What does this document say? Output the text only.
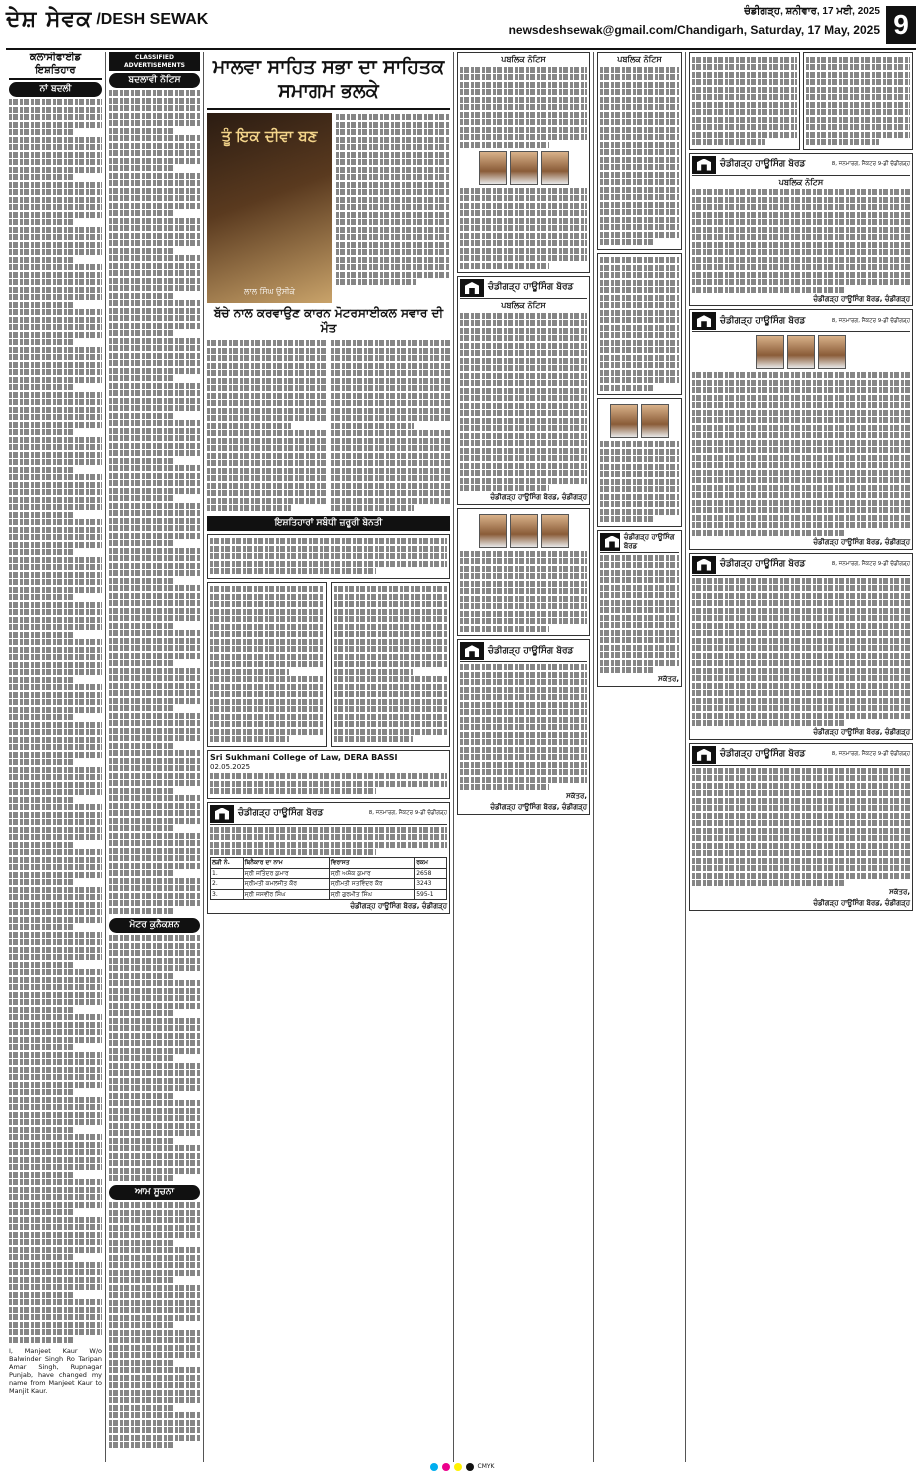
ਦੇਸ਼ ਸੇਵਕ /DESH SEWAK	ਚੰਡੀਗੜ੍ਹ, ਸ਼ਨੀਵਾਰ, 17 ਮਈ, 2025
newsdeshsewak@gmail.com/Chandigarh, Saturday, 17 May, 2025 9
ਕਲਾਸੀਫਾਈਡ ਇਸ਼ਤਿਹਾਰ
ਨਾਂ ਬਦਲੀ

I, Manjeet Kaur W/o Balwinder Singh Ro Taripan Amar Singh, Rupnagar Punjab, have changed my name from Manjeet Kaur to Manjit Kaur.

CLASSIFIED ADVERTISEMENTS
ਬਦਲਾਵੀ ਨੋਟਿਸ
ਮੋਟਰ ਕੁਨੈਕਸ਼ਨ
ਆਮ ਸੂਚਨਾ
ਮਾਲਵਾ ਸਾਹਿਤ ਸਭਾ ਦਾ ਸਾਹਿਤਕ ਸਮਾਗਮ ਭਲਕੇ
ਤੂੰ ਇਕ ਦੀਵਾ ਬਣ
ਲਾਲ ਸਿੰਘ ਉਸੀਕੇ
ਬੱਚੇ ਨਾਲ ਕਰਵਾਉਣ ਕਾਰਨ ਮੋਟਰਸਾਈਕਲ ਸਵਾਰ ਦੀ ਮੌਤ
ਇਸ਼ਤਿਹਾਰਾਂ ਸਬੰਧੀ ਜ਼ਰੂਰੀ ਬੇਨਤੀ
Sri Sukhmani College of Law, DERA BASSI
02.05.2025
ਚੰਡੀਗੜ੍ਹ ਹਾਊਸਿੰਗ ਬੋਰਡ	8, ਜਨਮਾਰਗ, ਸੈਕਟਰ 9-ਡੀ ਚੰਡੀਗੜ੍ਹ
ਲੜੀ ਨੰ.	ਬਿਨੈਕਾਰ ਦਾ ਨਾਮ	ਵਿਰਾਸਤ	ਰਕਮ
1.	ਸ੍ਰੀ ਜਤਿੰਦਰ ਕੁਮਾਰ	ਸ੍ਰੀ ਅਸ਼ੋਕ ਕੁਮਾਰ	2658
2.	ਸ੍ਰੀਮਤੀ ਕਮਲਜੀਤ ਕੌਰ	ਸ੍ਰੀਮਤੀ ਸਤਵਿੰਦਰ ਕੌਰ	3243
3.	ਸ੍ਰੀ ਜਸਵੀਰ ਸਿੰਘ	ਸ੍ਰੀ ਗੁਰਮੀਤ ਸਿੰਘ	595-1
ਚੰਡੀਗੜ੍ਹ ਹਾਊਸਿੰਗ ਬੋਰਡ, ਚੰਡੀਗੜ੍ਹ
ਪਬਲਿਕ ਨੋਟਿਸ
ਚੰਡੀਗੜ੍ਹ ਹਾਊਸਿੰਗ ਬੋਰਡ
ਪਬਲਿਕ ਨੋਟਿਸ
ਚੰਡੀਗੜ੍ਹ ਹਾਊਸਿੰਗ ਬੋਰਡ, ਚੰਡੀਗੜ੍ਹ
ਚੰਡੀਗੜ੍ਹ ਹਾਊਸਿੰਗ ਬੋਰਡ
ਸਕੱਤਰ,
ਚੰਡੀਗੜ੍ਹ ਹਾਊਸਿੰਗ ਬੋਰਡ, ਚੰਡੀਗੜ੍ਹ
ਪਬਲਿਕ ਨੋਟਿਸ
ਚੰਡੀਗੜ੍ਹ ਹਾਊਸਿੰਗ ਬੋਰਡ
ਸਕੱਤਰ,
ਚੰਡੀਗੜ੍ਹ ਹਾਊਸਿੰਗ ਬੋਰਡ	8, ਜਨਮਾਰਗ, ਸੈਕਟਰ 9-ਡੀ ਚੰਡੀਗੜ੍ਹ
ਪਬਲਿਕ ਨੋਟਿਸ
ਚੰਡੀਗੜ੍ਹ ਹਾਊਸਿੰਗ ਬੋਰਡ, ਚੰਡੀਗੜ੍ਹ
ਚੰਡੀਗੜ੍ਹ ਹਾਊਸਿੰਗ ਬੋਰਡ	8, ਜਨਮਾਰਗ, ਸੈਕਟਰ 9-ਡੀ ਚੰਡੀਗੜ੍ਹ
ਚੰਡੀਗੜ੍ਹ ਹਾਊਸਿੰਗ ਬੋਰਡ, ਚੰਡੀਗੜ੍ਹ
ਚੰਡੀਗੜ੍ਹ ਹਾਊਸਿੰਗ ਬੋਰਡ	8, ਜਨਮਾਰਗ, ਸੈਕਟਰ 9-ਡੀ ਚੰਡੀਗੜ੍ਹ
ਚੰਡੀਗੜ੍ਹ ਹਾਊਸਿੰਗ ਬੋਰਡ, ਚੰਡੀਗੜ੍ਹ
ਚੰਡੀਗੜ੍ਹ ਹਾਊਸਿੰਗ ਬੋਰਡ	8, ਜਨਮਾਰਗ, ਸੈਕਟਰ 9-ਡੀ ਚੰਡੀਗੜ੍ਹ
ਸਕੱਤਰ,
ਚੰਡੀਗੜ੍ਹ ਹਾਊਸਿੰਗ ਬੋਰਡ, ਚੰਡੀਗੜ੍ਹ
CMYK
